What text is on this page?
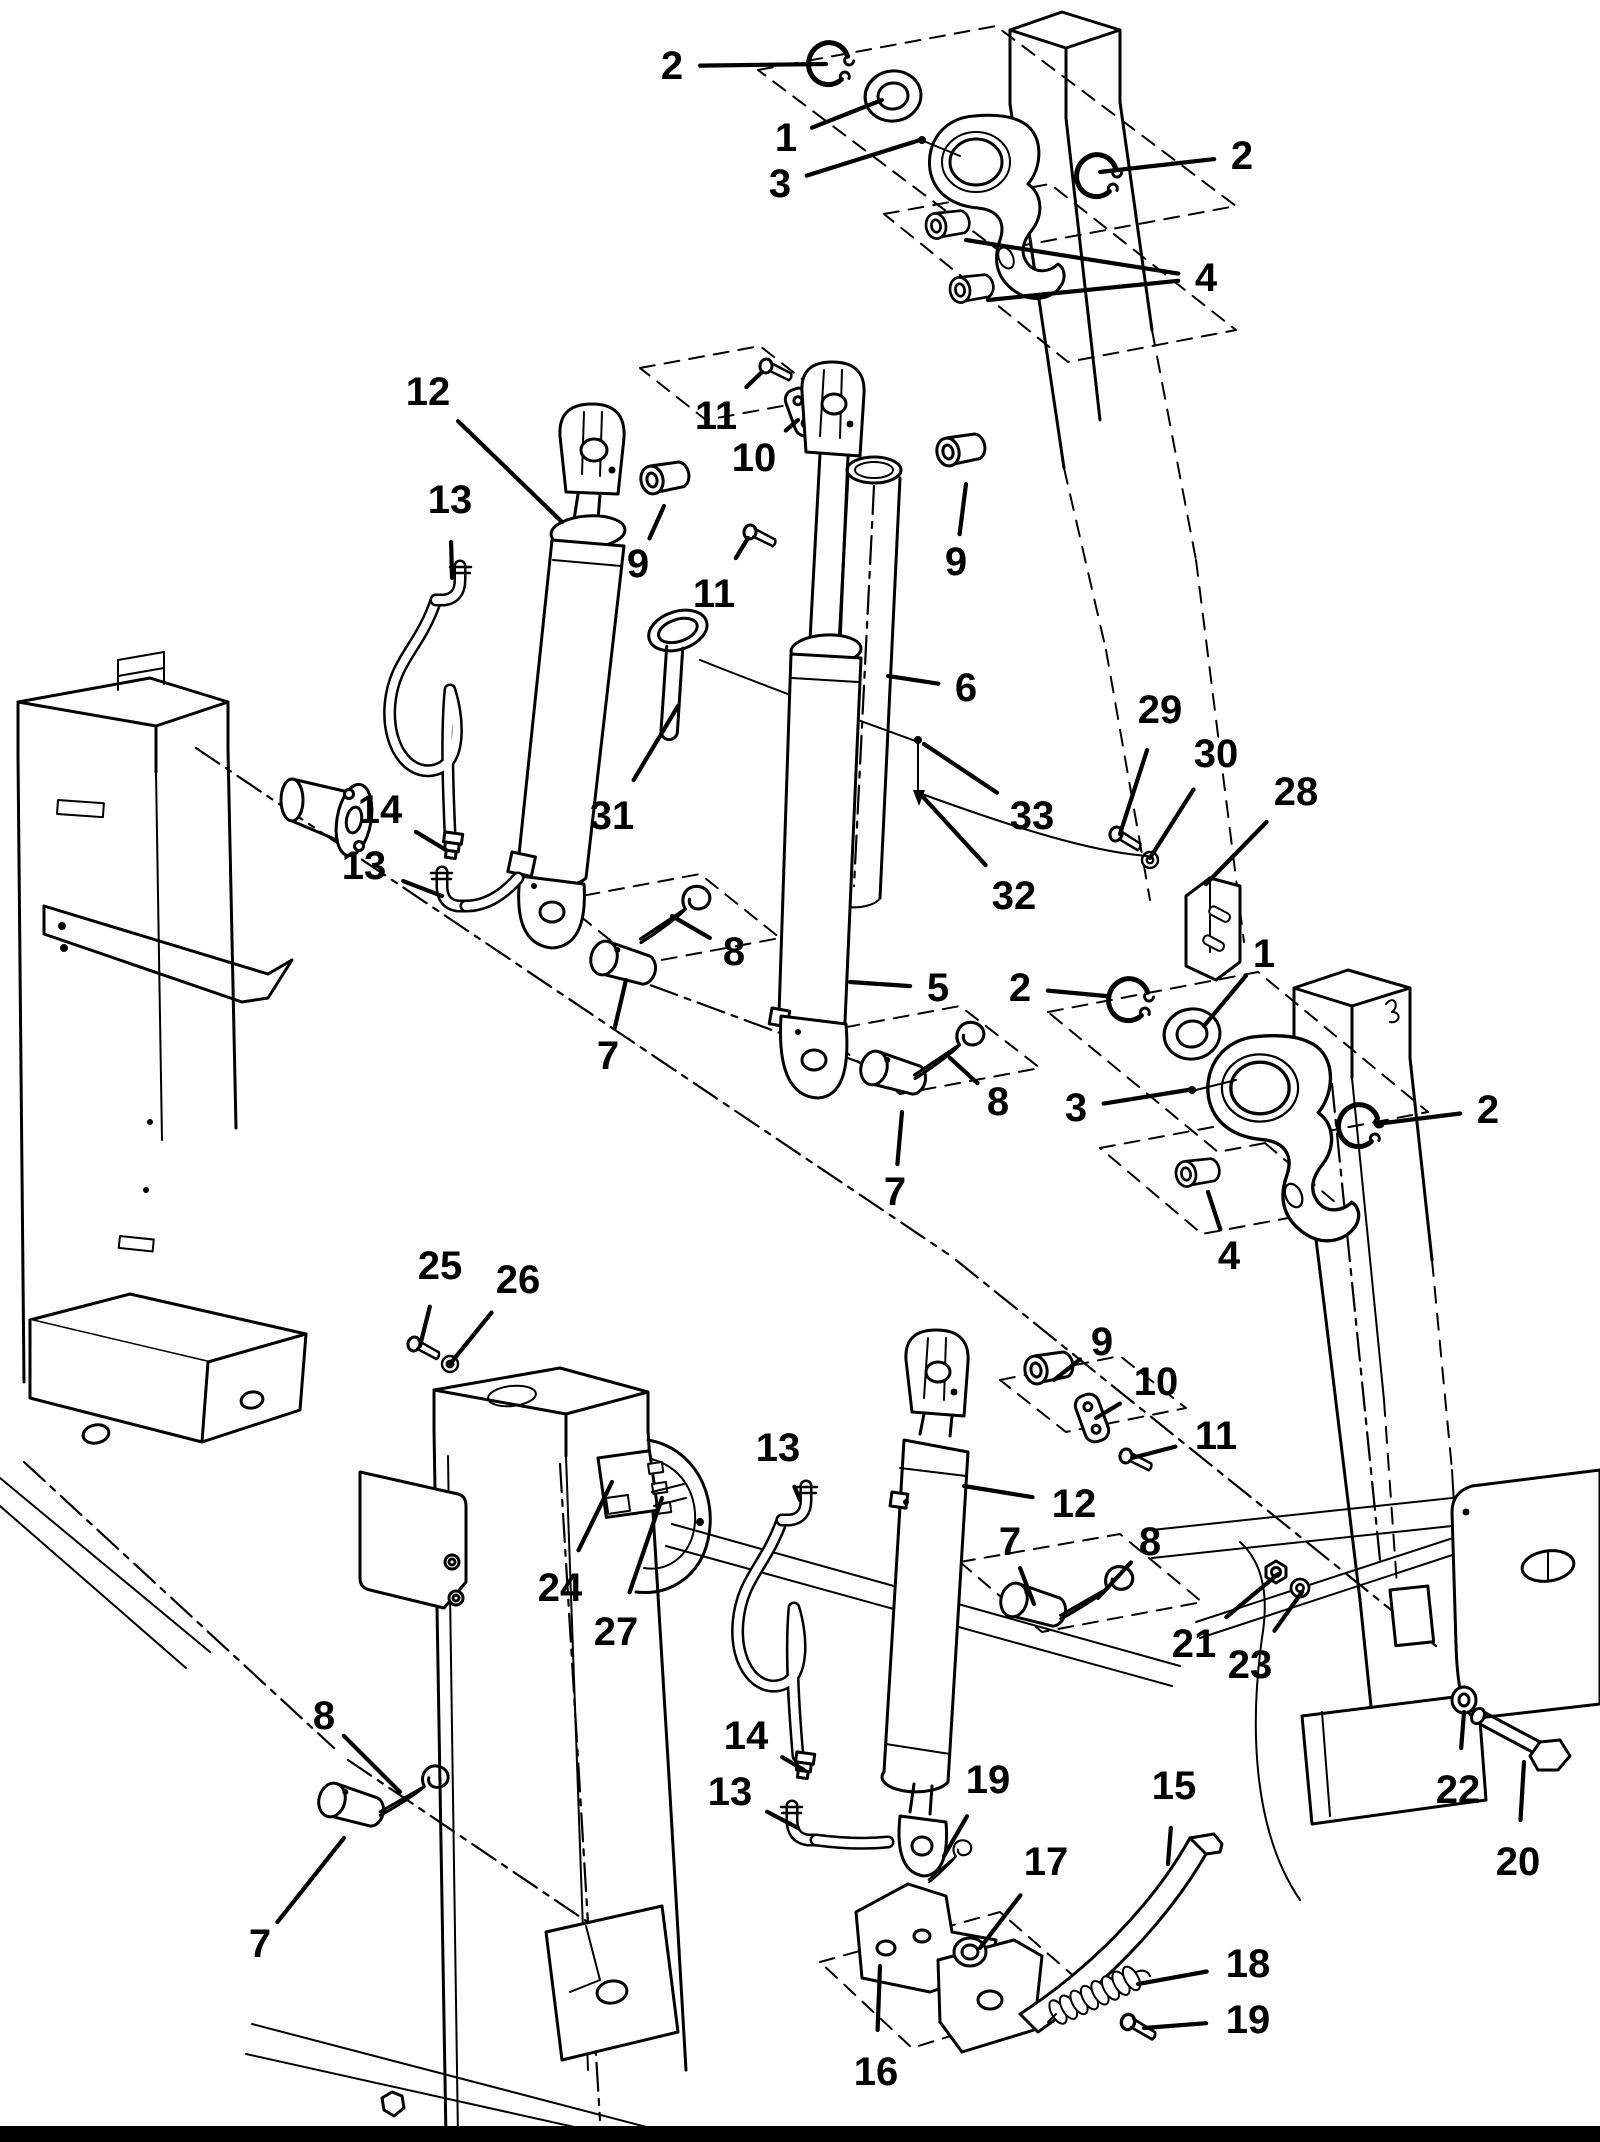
2
1
3
2
4
12
11
10
13
9
11
9
6
31	33
32
29
30
28
14
13
8
7
5
8
7
1
2
3	2
4
25 26
24
27
8
7
13
9
10
11
12
7	8
21 23
14
13	19
17
15
16
18
19
22
20
